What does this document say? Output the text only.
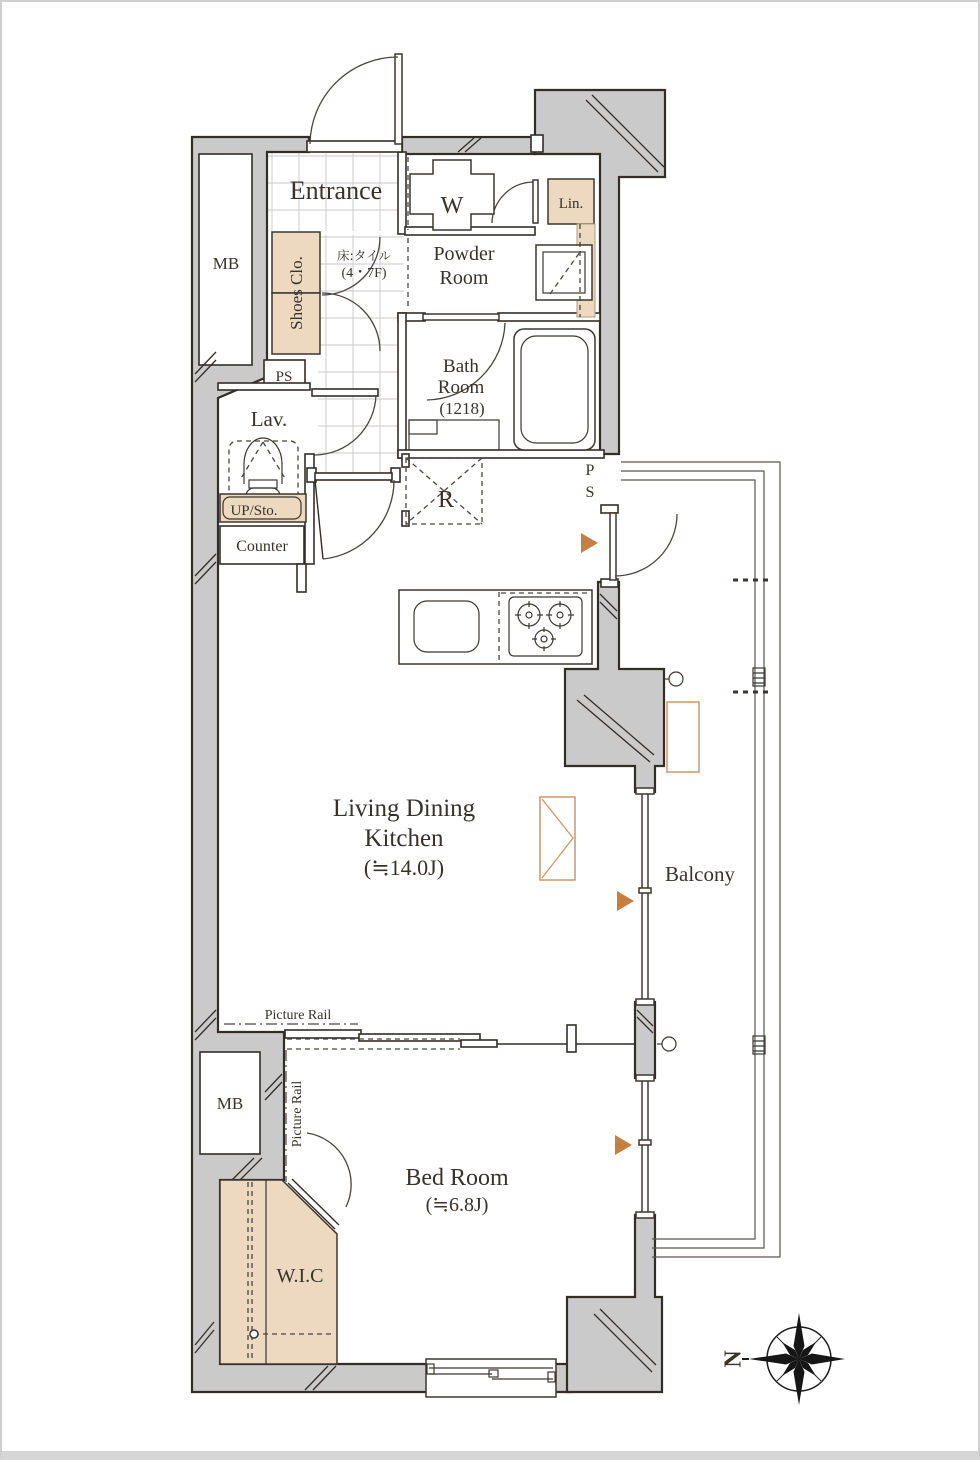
N
Entrance
MB
MB
Shoes Clo.
PS
床:タイル
(4・7F)
W
Powder
Room
Lin.
Bath
Room
(1218)
Lav.
UP/Sto.
Counter
R
P
S
Living Dining
Kitchen
(≒14.0J)	Balcony
Picture Rail
Picture Rail
Bed Room
(≒6.8J)
W.I.C
